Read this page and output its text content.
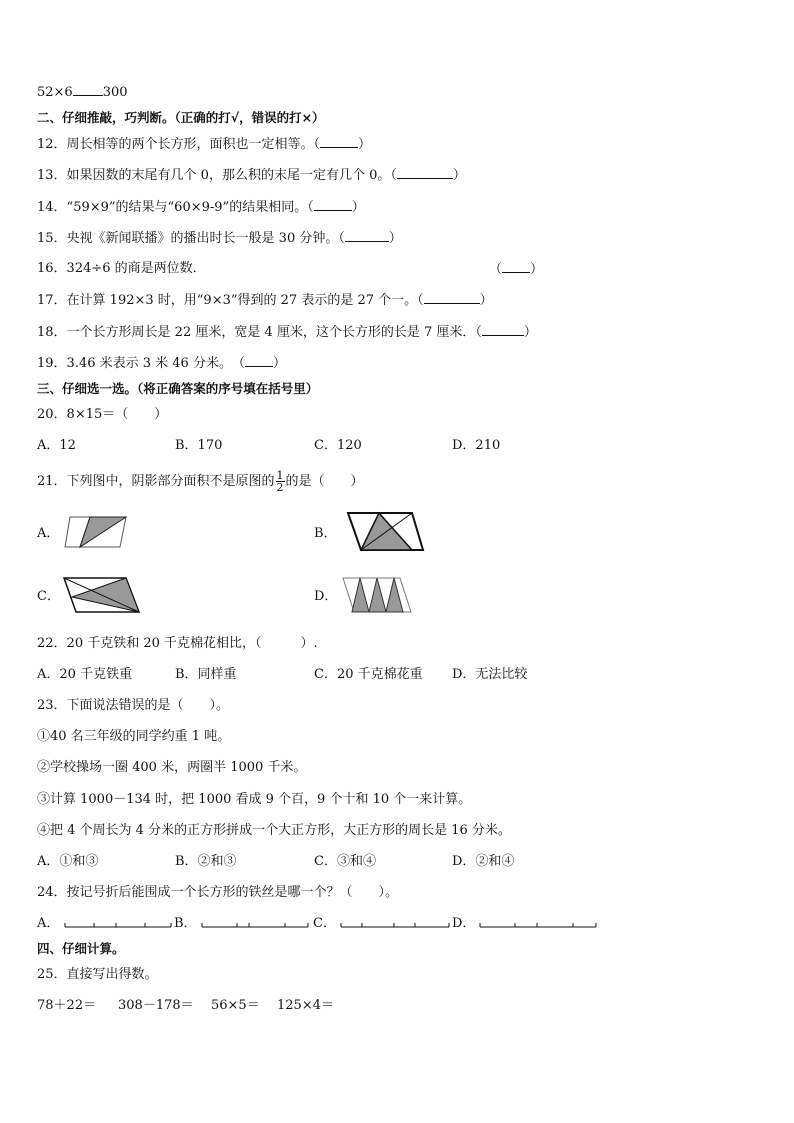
52×6 300
二、仔细推敲，巧判断。（正确的打√，错误的打×）
12．周长相等的两个长方形，面积也一定相等。（	）
13．如果因数的末尾有几个 0，那么积的末尾一定有几个 0。（	）
14．“59×9”的结果与“60×9-9”的结果相同。（	）
15．央视《新闻联播》的播出时长一般是 30 分钟。（	）
16．324÷6 的商是两位数．	（ ）
17．在计算 192×3 时，用“9×3”得到的 27 表示的是 27 个一。（	）
18．一个长方形周长是 22 厘米，宽是 4 厘米，这个长方形的长是 7 厘米．（	）
19．3.46 米表示 3 米 46 分米。　（ ）
三、仔细选一选。（将正确答案的序号填在括号里）
20．8×15＝（　　）
A．12	B．170	C．120	D．210
21．下列图中，阴影部分面积不是原图的 $\frac{1}{2}$ 的是（　　）
A．	B．
C．	D．
22．20 千克铁和 20 千克棉花相比，（　　　）.
A．20 千克铁重	B．同样重	C．20 千克棉花重 D．无法比较
23．下面说法错误的是（　　）。
①40 名三年级的同学约重 1 吨。
②学校操场一圈 400 米，两圈半 1000 千米。
③计算 1000－134 时，把 1000 看成 9 个百，9 个十和 10 个一来计算。
④把 4 个周长为 4 分米的正方形拼成一个大正方形，大正方形的周长是 16 分米。
A．①和③	B．②和③	C．③和④	D．②和④
24．按记号折后能围成一个长方形的铁丝是哪一个？（　　）。
A．	B．	C．	D．
四、仔细计算。
25．直接写出得数。
78＋22＝ 308－178＝ 56×5＝ 125×4＝
